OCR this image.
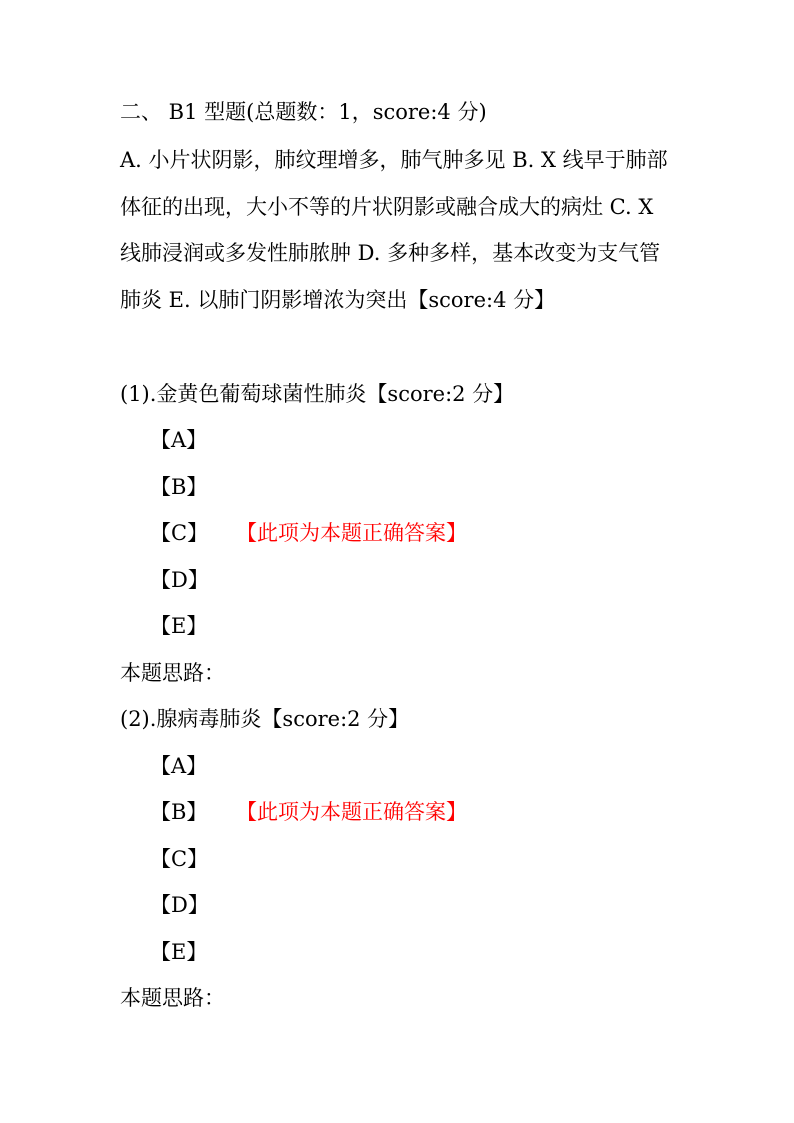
二、 B1 型题(总题数：1，score:4 分)
A. 小片状阴影，肺纹理增多，肺气肿多见 B. X 线早于肺部体征的出现，大小不等的片状阴影或融合成大的病灶 C. X 线肺浸润或多发性肺脓肿 D. 多种多样，基本改变为支气管肺炎 E. 以肺门阴影增浓为突出【score:4 分】
(1).金黄色葡萄球菌性肺炎【score:2 分】
【A】
【B】
【C】 【此项为本题正确答案】
【D】
【E】
本题思路：
(2).腺病毒肺炎【score:2 分】
【A】
【B】 【此项为本题正确答案】
【C】
【D】
【E】
本题思路：
